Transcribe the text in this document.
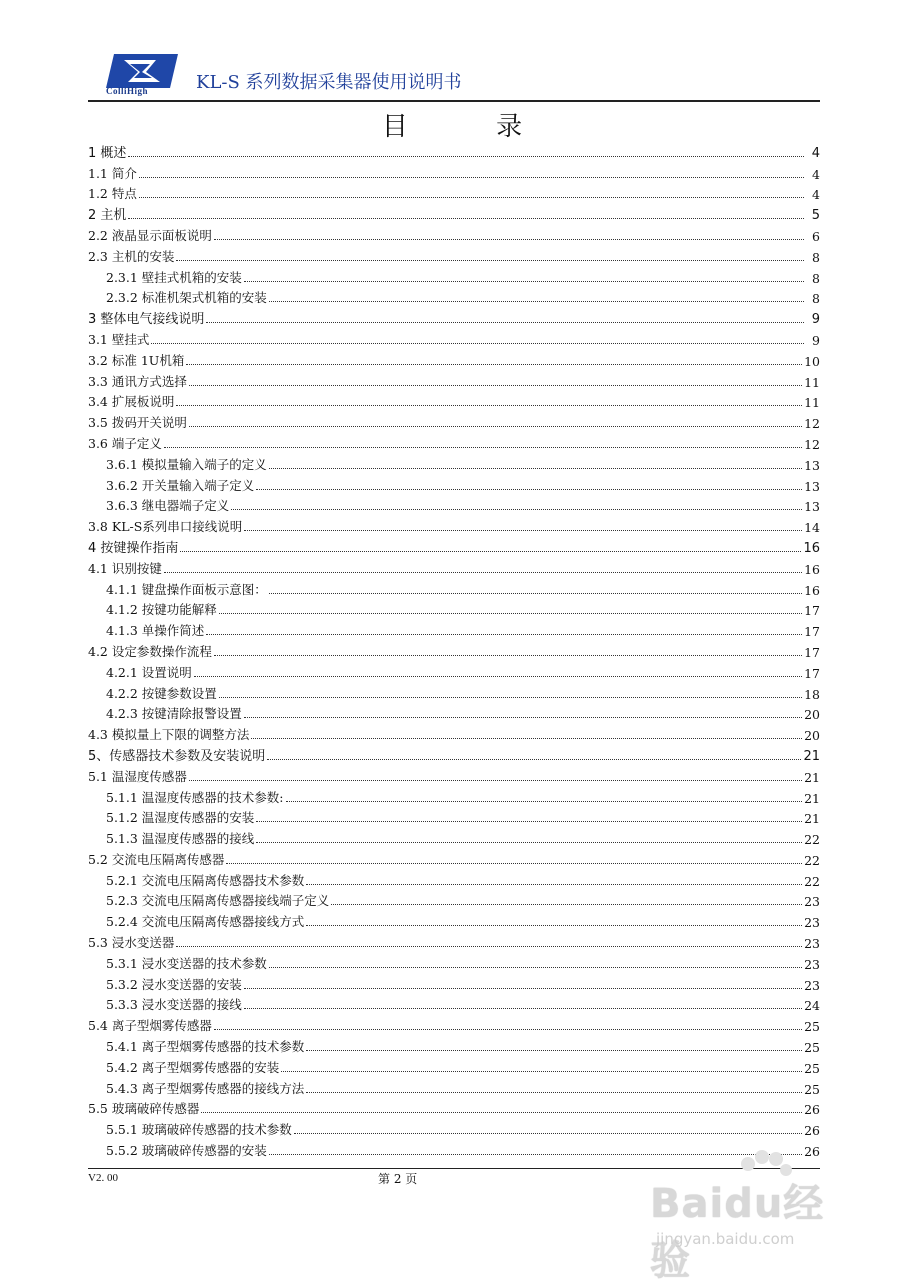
ColliHigh	KL-S 系列数据采集器使用说明书
目 录
1 概述	4
1.1 简介	4
1.2 特点	4
2 主机	5
2.2 液晶显示面板说明	6
2.3 主机的安装	8
2.3.1 壁挂式机箱的安装	8
2.3.2 标准机架式机箱的安装	8
3 整体电气接线说明	9
3.1 壁挂式	9
3.2 标准 1U机箱	10
3.3 通讯方式选择	11
3.4 扩展板说明	11
3.5 拨码开关说明	12
3.6 端子定义	12
3.6.1 模拟量输入端子的定义	13
3.6.2 开关量输入端子定义	13
3.6.3 继电器端子定义	13
3.8 KL-S系列串口接线说明	14
4 按键操作指南	16
4.1 识别按键	16
4.1.1 键盘操作面板示意图：	16
4.1.2 按键功能解释	17
4.1.3 单操作简述	17
4.2 设定参数操作流程	17
4.2.1 设置说明	17
4.2.2 按键参数设置	18
4.2.3 按键清除报警设置	20
4.3 模拟量上下限的调整方法	20
5、传感器技术参数及安装说明	21
5.1 温湿度传感器	21
5.1.1 温湿度传感器的技术参数:	21
5.1.2 温湿度传感器的安装	21
5.1.3 温湿度传感器的接线	22
5.2 交流电压隔离传感器	22
5.2.1 交流电压隔离传感器技术参数	22
5.2.3 交流电压隔离传感器接线端子定义	23
5.2.4 交流电压隔离传感器接线方式	23
5.3 浸水变送器	23
5.3.1 浸水变送器的技术参数	23
5.3.2 浸水变送器的安装	23
5.3.3 浸水变送器的接线	24
5.4 离子型烟雾传感器	25
5.4.1 离子型烟雾传感器的技术参数	25
5.4.2 离子型烟雾传感器的安装	25
5.4.3 离子型烟雾传感器的接线方法	25
5.5 玻璃破碎传感器	26
5.5.1 玻璃破碎传感器的技术参数	26
5.5.2 玻璃破碎传感器的安装	26
V2. 00	第 2 页
Baidu经验
jingyan.baidu.com
